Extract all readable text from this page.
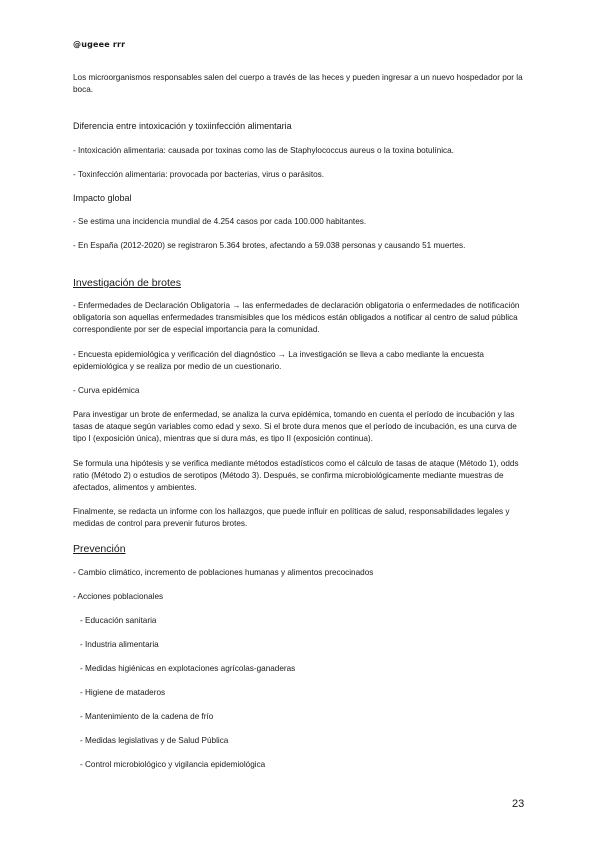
@ugeee rrr

Los microorganismos responsables salen del cuerpo a través de las heces y pueden ingresar a un nuevo hospedador por la boca.

Diferencia entre intoxicación y toxiinfección alimentaria

- Intoxicación alimentaria: causada por toxinas como las de Staphylococcus aureus o la toxina botulínica.

- Toxinfección alimentaria: provocada por bacterias, virus o parásitos.

Impacto global

- Se estima una incidencia mundial de 4.254 casos por cada 100.000 habitantes.

- En España (2012-2020) se registraron 5.364 brotes, afectando a 59.038 personas y causando 51 muertes.

Investigación de brotes

- Enfermedades de Declaración Obligatoria → las enfermedades de declaración obligatoria o enfermedades de notificación obligatoria son aquellas enfermedades transmisibles que los médicos están obligados a notificar al centro de salud pública correspondiente por ser de especial importancia para la comunidad.

- Encuesta epidemiológica y verificación del diagnóstico → La investigación se lleva a cabo mediante la encuesta epidemiológica y se realiza por medio de un cuestionario.

- Curva epidémica

Para investigar un brote de enfermedad, se analiza la curva epidémica, tomando en cuenta el período de incubación y las tasas de ataque según variables como edad y sexo. Si el brote dura menos que el período de incubación, es una curva de tipo I (exposición única), mientras que si dura más, es tipo II (exposición continua).

Se formula una hipótesis y se verifica mediante métodos estadísticos como el cálculo de tasas de ataque (Método 1), odds ratio (Método 2) o estudios de serotipos (Método 3). Después, se confirma microbiológicamente mediante muestras de afectados, alimentos y ambientes.

Finalmente, se redacta un informe con los hallazgos, que puede influir en políticas de salud, responsabilidades legales y medidas de control para prevenir futuros brotes.

Prevención

- Cambio climático, incremento de poblaciones humanas y alimentos precocinados

- Acciones poblacionales

- Educación sanitaria

- Industria alimentaria

- Medidas higiénicas en explotaciones agrícolas-ganaderas

- Higiene de mataderos

- Mantenimiento de la cadena de frío

- Medidas legislativas y de Salud Pública

- Control microbiológico y vigilancia epidemiológica

23
